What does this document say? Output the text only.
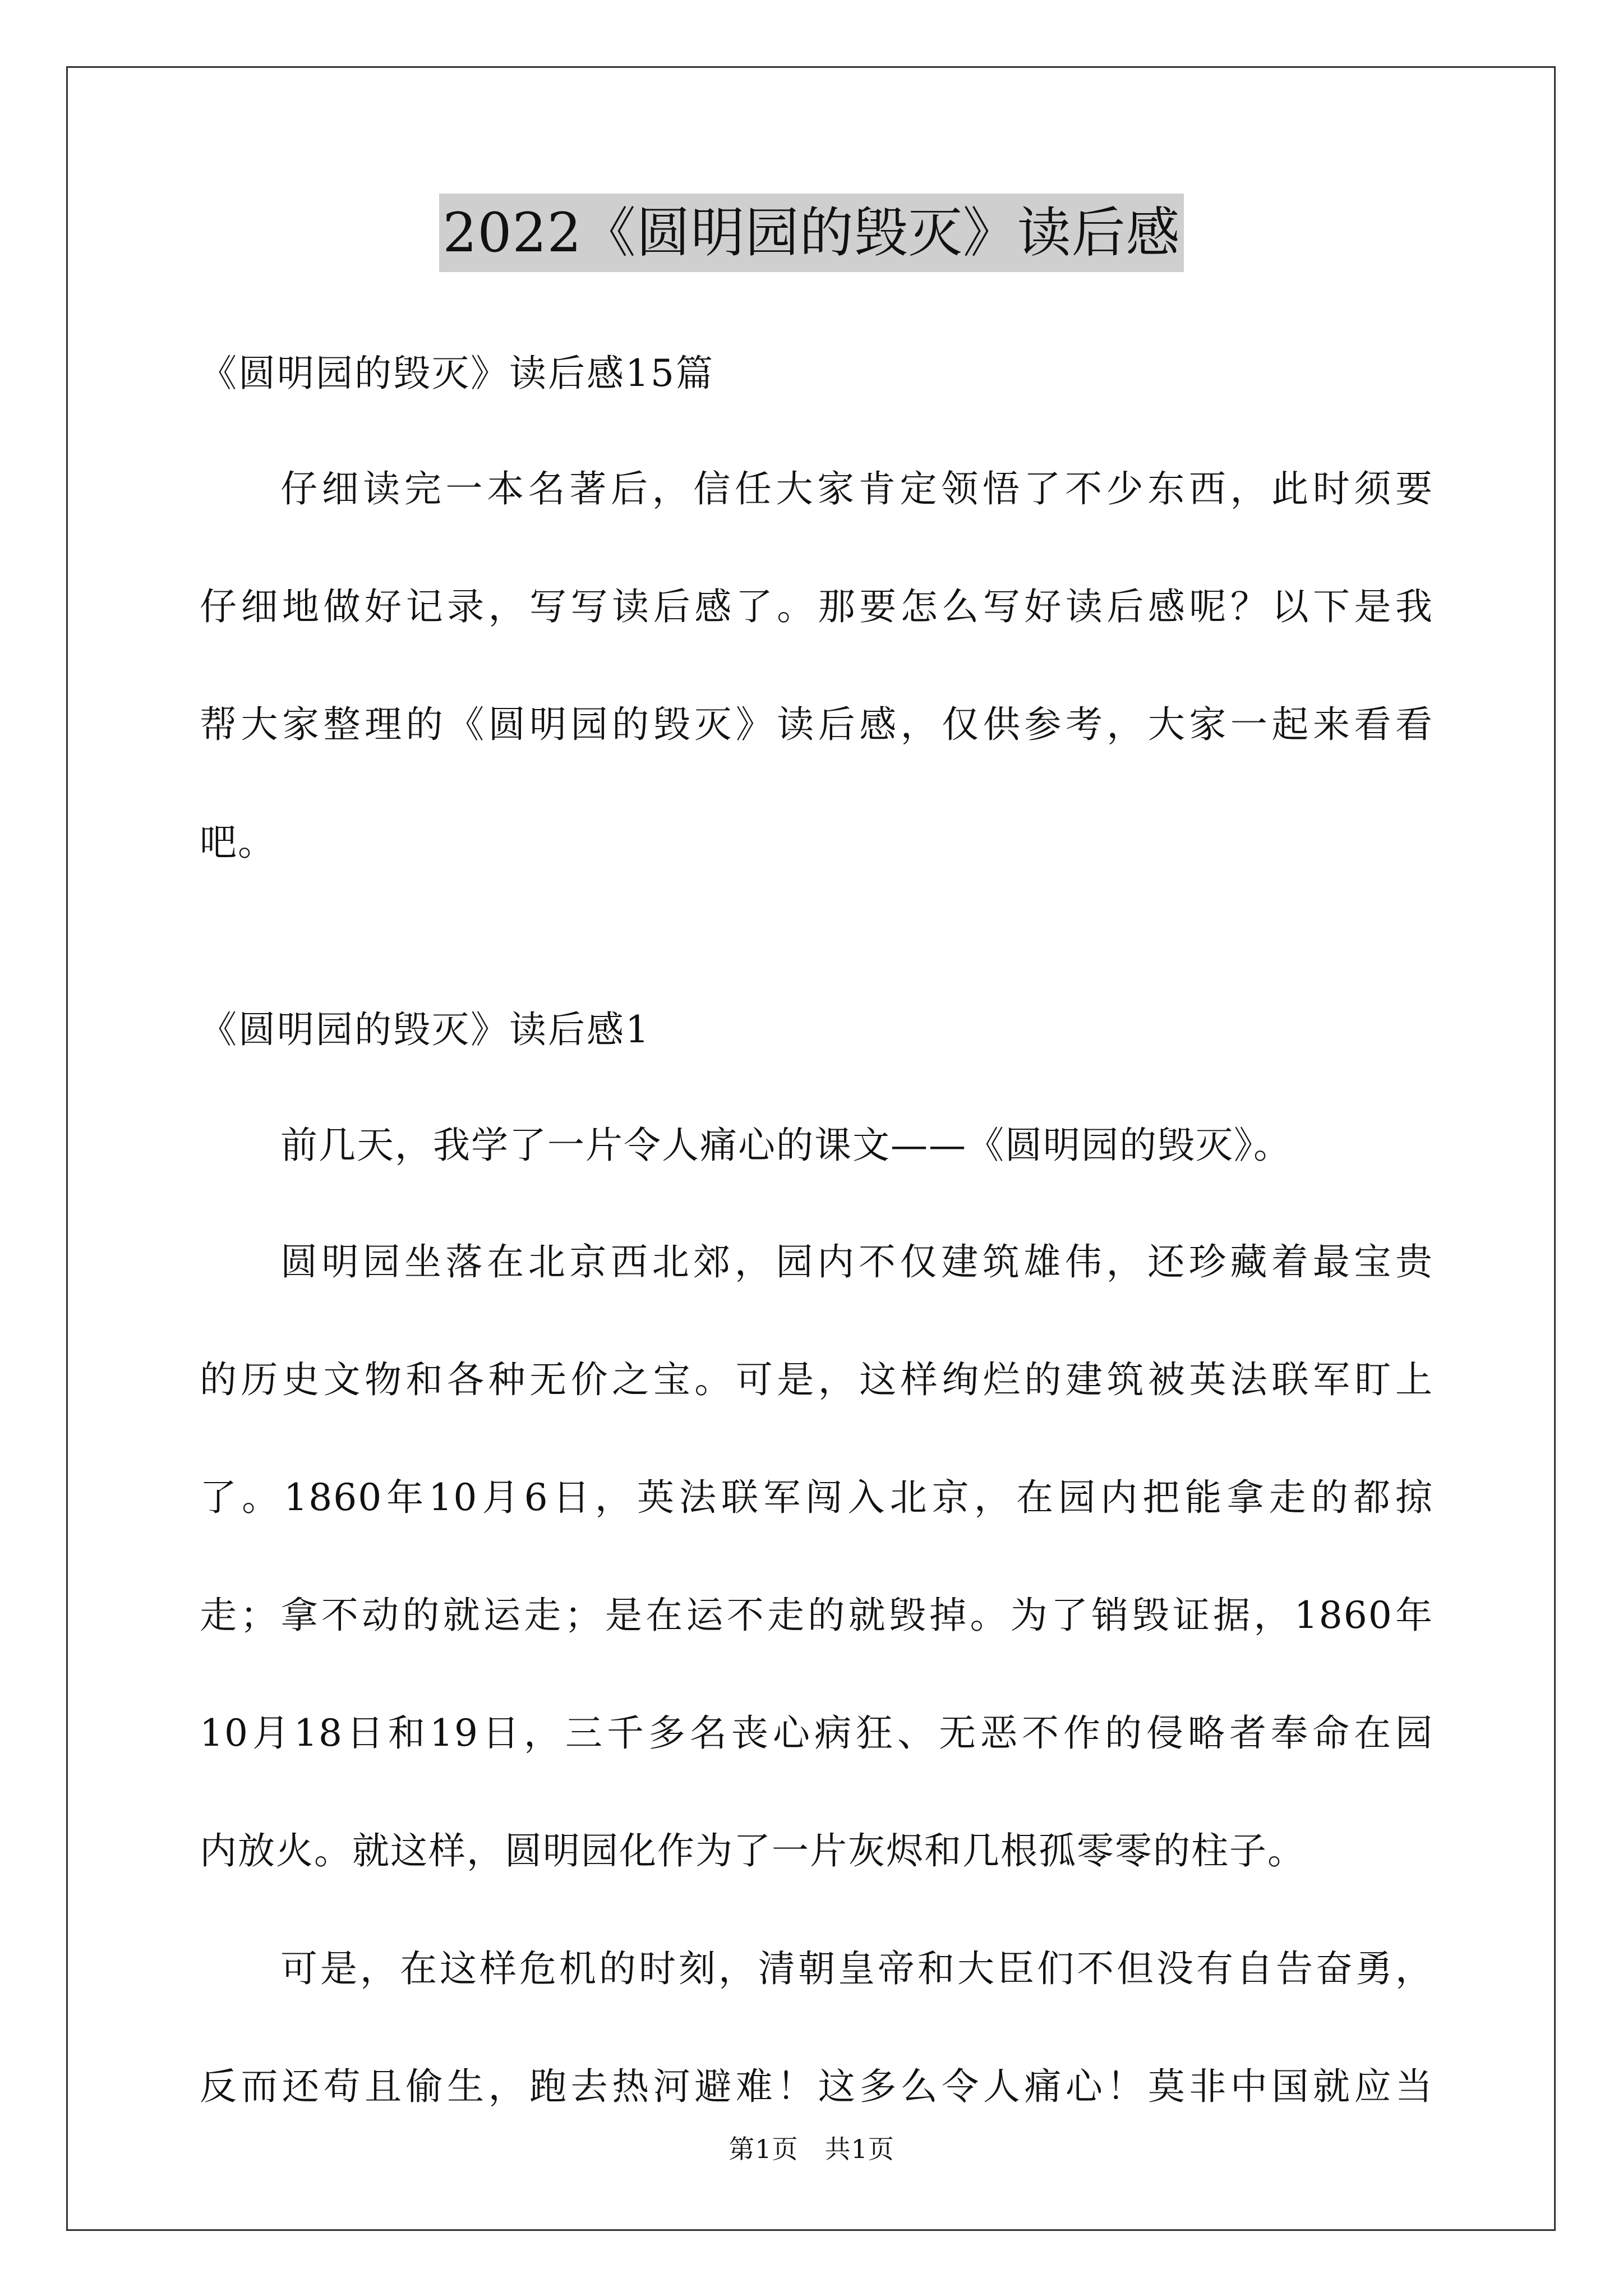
2022《圆明园的毁灭》读后感
《圆明园的毁灭》读后感15篇
仔细读完一本名著后，信任大家肯定领悟了不少东西，此时须要
仔细地做好记录，写写读后感了。那要怎么写好读后感呢？以下是我
帮大家整理的《圆明园的毁灭》读后感，仅供参考，大家一起来看看
吧。
《圆明园的毁灭》读后感1
前几天，我学了一片令人痛心的课文——《圆明园的毁灭》。
圆明园坐落在北京西北郊，园内不仅建筑雄伟，还珍藏着最宝贵
的历史文物和各种无价之宝。可是，这样绚烂的建筑被英法联军盯上
了。1860年10月6日，英法联军闯入北京，在园内把能拿走的都掠
走；拿不动的就运走；是在运不走的就毁掉。为了销毁证据，1860年
10月18日和19日，三千多名丧心病狂、无恶不作的侵略者奉命在园
内放火。就这样，圆明园化作为了一片灰烬和几根孤零零的柱子。
可是，在这样危机的时刻，清朝皇帝和大臣们不但没有自告奋勇，
反而还苟且偷生，跑去热河避难！这多么令人痛心！莫非中国就应当
第1页　共1页
